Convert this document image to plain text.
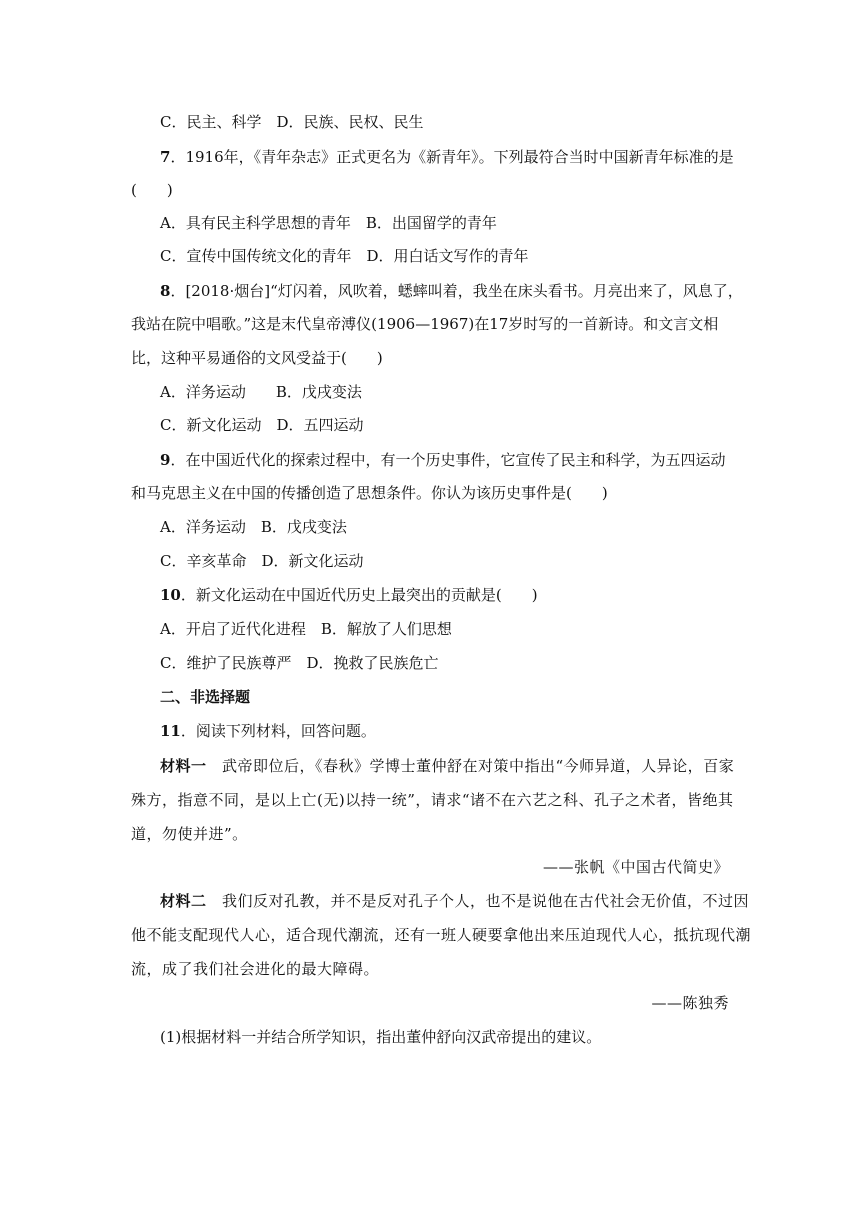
C．民主、科学　D．民族、民权、民生
7．1916年，《青年杂志》正式更名为《新青年》。下列最符合当时中国新青年标准的是
(　　)
A．具有民主科学思想的青年　B．出国留学的青年
C．宣传中国传统文化的青年　D．用白话文写作的青年
8．[2018·烟台]“灯闪着，风吹着，蟋蟀叫着，我坐在床头看书。月亮出来了，风息了，
我站在院中唱歌。”这是末代皇帝溥仪(1906—1967)在17岁时写的一首新诗。和文言文相
比，这种平易通俗的文风受益于(　　)
A．洋务运动　　B．戊戌变法
C．新文化运动　D．五四运动
9．在中国近代化的探索过程中，有一个历史事件，它宣传了民主和科学，为五四运动
和马克思主义在中国的传播创造了思想条件。你认为该历史事件是(　　)
A．洋务运动　B．戊戌变法
C．辛亥革命　D．新文化运动
10．新文化运动在中国近代历史上最突出的贡献是(　　)
A．开启了近代化进程　B．解放了人们思想
C．维护了民族尊严　D．挽救了民族危亡
二、非选择题
11．阅读下列材料，回答问题。
材料一　武帝即位后，《春秋》学博士董仲舒在对策中指出“今师异道，人异论，百家
殊方，指意不同，是以上亡(无)以持一统”，请求“诸不在六艺之科、孔子之术者，皆绝其
道，勿使并进”。
——张帆《中国古代简史》
材料二　我们反对孔教，并不是反对孔子个人，也不是说他在古代社会无价值，不过因
他不能支配现代人心，适合现代潮流，还有一班人硬要拿他出来压迫现代人心，抵抗现代潮
流，成了我们社会进化的最大障碍。
——陈独秀
(1)根据材料一并结合所学知识，指出董仲舒向汉武帝提出的建议。
